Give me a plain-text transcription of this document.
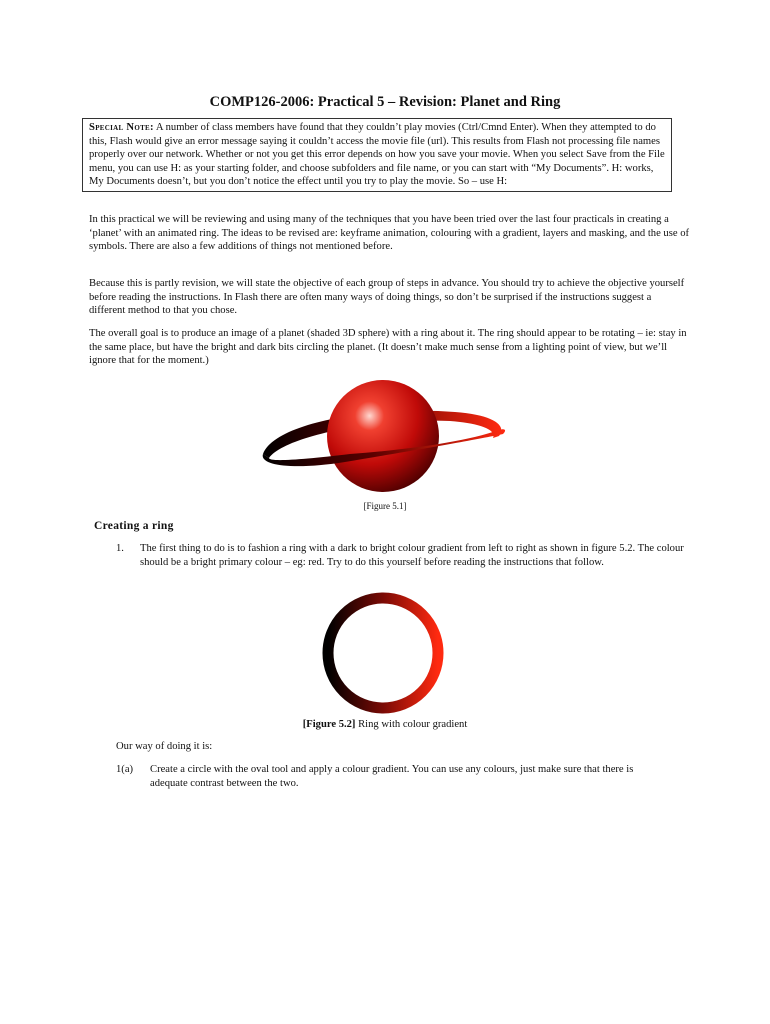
COMP126-2006: Practical 5 – Revision: Planet and Ring
Special Note: A number of class members have found that they couldn’t play movies (Ctrl/Cmnd Enter). When they attempted to do this, Flash would give an error message saying it couldn’t access the movie file (url). This results from Flash not processing file names properly over our network. Whether or not you get this error depends on how you save your movie. When you select Save from the File menu, you can use H: as your starting folder, and choose subfolders and file name, or you can start with “My Documents”. H: works, My Documents doesn’t, but you don’t notice the effect until you try to play the movie. So – use H:
In this practical we will be reviewing and using many of the techniques that you have been tried over the last four practicals in creating a ‘planet’ with an animated ring. The ideas to be revised are: keyframe animation, colouring with a gradient, layers and masking, and the use of symbols. There are also a few additions of things not mentioned before.
Because this is partly revision, we will state the objective of each group of steps in advance. You should try to achieve the objective yourself before reading the instructions. In Flash there are often many ways of doing things, so don’t be surprised if the instructions suggest a different method to that you chose.
The overall goal is to produce an image of a planet (shaded 3D sphere) with a ring about it. The ring should appear to be rotating – ie: stay in the same place, but have the bright and dark bits circling the planet. (It doesn’t make much sense from a lighting point of view, but we’ll ignore that for the moment.)
[Figure 5.1]
Creating a ring
1. The first thing to do is to fashion a ring with a dark to bright colour gradient from left to right as shown in figure 5.2. The colour should be a bright primary colour – eg: red. Try to do this yourself before reading the instructions that follow.
[Figure 5.2] Ring with colour gradient
Our way of doing it is:
1(a) Create a circle with the oval tool and apply a colour gradient. You can use any colours, just make sure that there is adequate contrast between the two.
